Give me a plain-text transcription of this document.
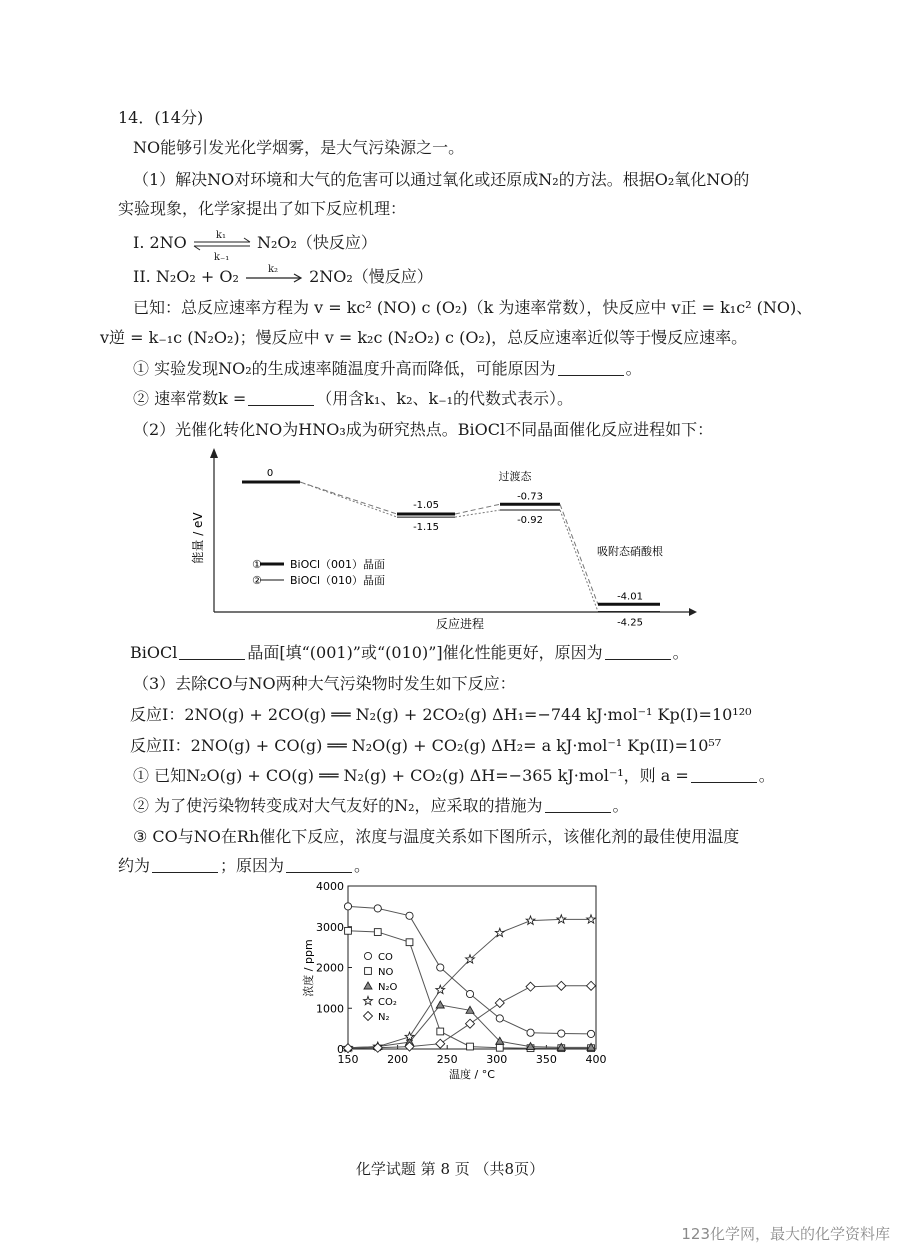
14．(14分)
NO能够引发光化学烟雾，是大气污染源之一。
（1）解决NO对环境和大气的危害可以通过氧化或还原成N₂的方法。根据O₂氧化NO的
实验现象，化学家提出了如下反应机理：
I. 2NO	k₁
k₋₁
N₂O₂（快反应）
II. N₂O₂ + O₂	k₂ 2NO₂（慢反应）
已知：总反应速率方程为 v = kc² (NO) c (O₂)（k 为速率常数），快反应中 v正 = k₁c² (NO)、
v逆 = k₋₁c (N₂O₂)；慢反应中 v = k₂c (N₂O₂) c (O₂)，总反应速率近似等于慢反应速率。
① 实验发现NO₂的生成速率随温度升高而降低，可能原因为	。
② 速率常数k =	（用含k₁、k₂、k₋₁的代数式表示）。
（2）光催化转化NO为HNO₃成为研究热点。BiOCl不同晶面催化反应进程如下：
能量 / eV
反应进程
0
-1.05
-1.15
-0.73
-0.92
-4.01
-4.25
过渡态
吸附态硝酸根
①	BiOCl（001）晶面
②	BiOCl（010）晶面
BiOCl	晶面[填“(001)”或“(010)”]催化性能更好，原因为	。
（3）去除CO与NO两种大气污染物时发生如下反应：
反应I：2NO(g) + 2CO(g) ══ N₂(g) + 2CO₂(g) ΔH₁=−744 kJ·mol⁻¹ Kp(I)=10¹²⁰
反应II：2NO(g) + CO(g) ══ N₂O(g) + CO₂(g) ΔH₂= a kJ·mol⁻¹ Kp(II)=10⁵⁷
① 已知N₂O(g) + CO(g) ══ N₂(g) + CO₂(g) ΔH=−365 kJ·mol⁻¹，则 a =	。
② 为了使污染物转变成对大气友好的N₂，应采取的措施为	。
③ CO与NO在Rh催化下反应，浓度与温度关系如下图所示，该催化剂的最佳使用温度
约为	；原因为	。
150	200	250	300	350	400
0
1000
2000
3000
4000
CO
NO
N₂O
CO₂
N₂
浓度 / ppm
温度 / °C
化学试题 第 8 页 （共8页）
123化学网，最大的化学资料库
